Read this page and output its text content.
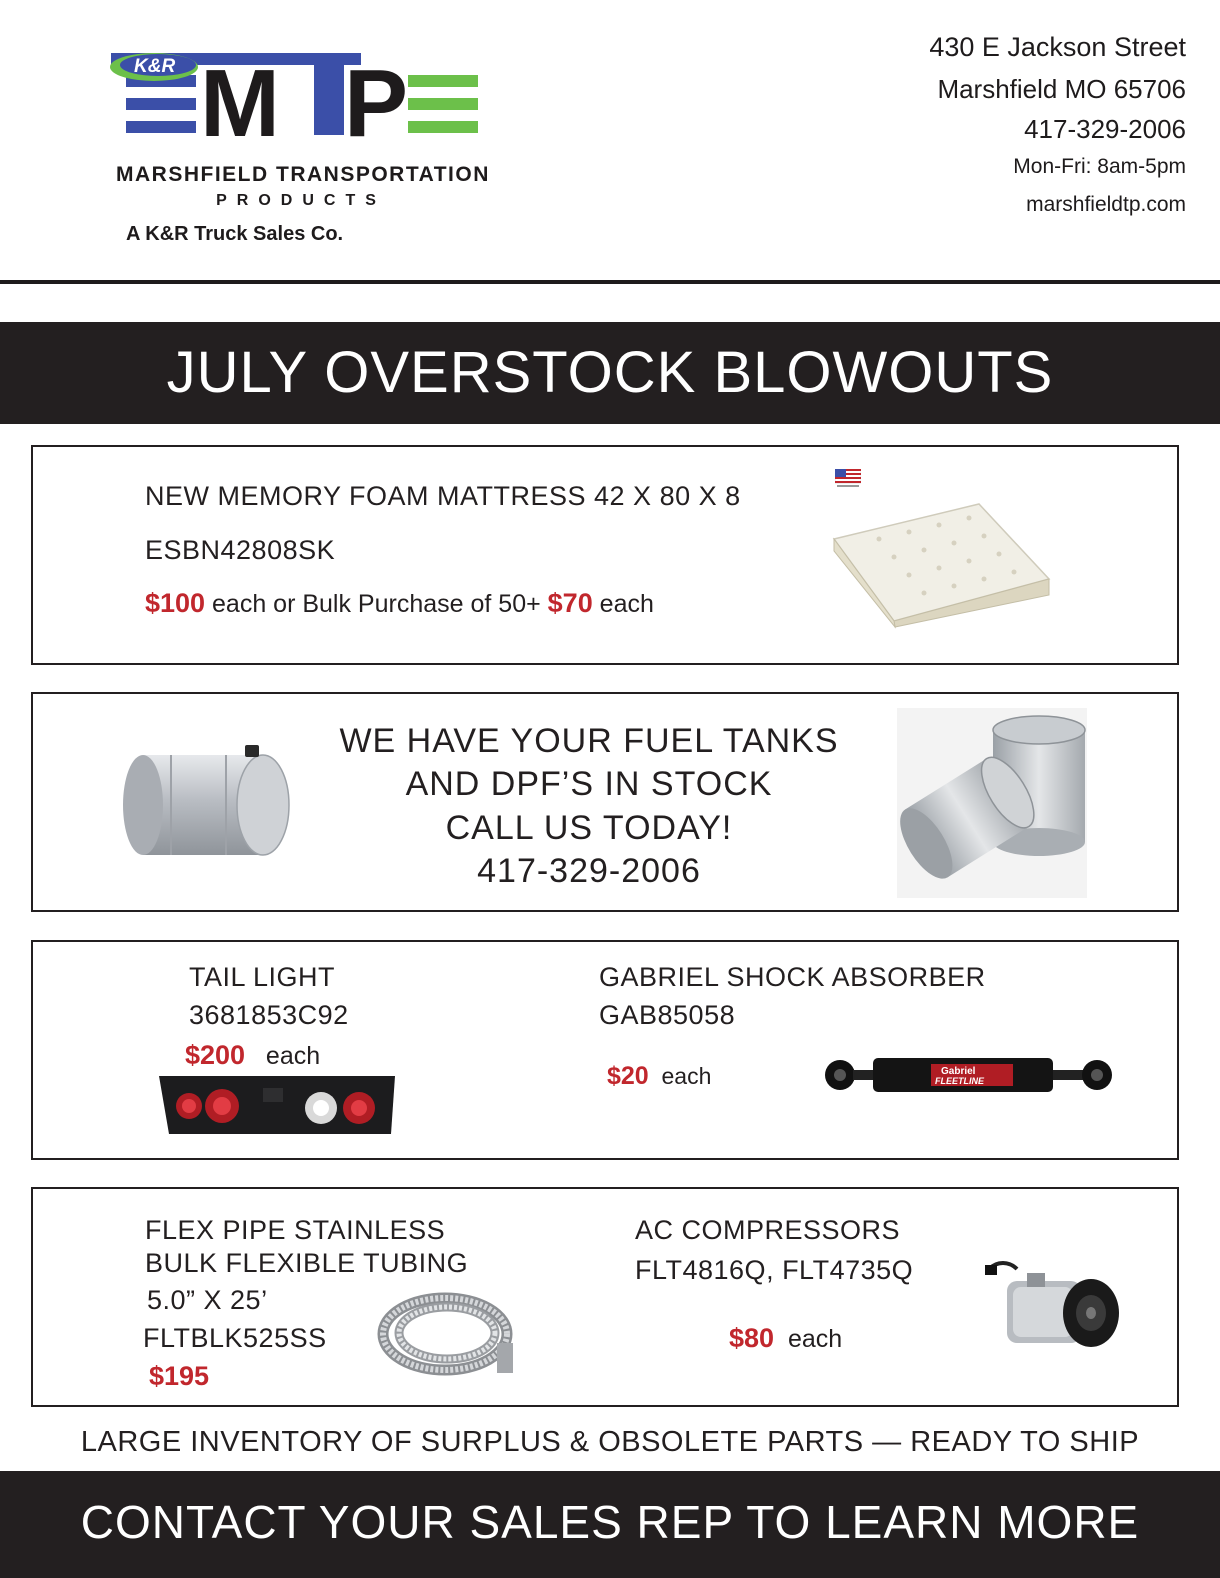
M P
MARSHFIELD TRANSPORTATION
PRODUCTS
A K&R Truck Sales Co.
K&R
430 E Jackson Street
Marshfield MO 65706
417-329-2006
Mon-Fri: 8am-5pm
marshfieldtp.com
JULY OVERSTOCK BLOWOUTS
NEW MEMORY FOAM MATTRESS 42 X 80 X 8
ESBN42808SK
$100 each or Bulk Purchase of 50+ $70 each
WE HAVE YOUR FUEL TANKS
AND DPF’S IN STOCK
CALL US TODAY!
417-329-2006
TAIL LIGHT
3681853C92
$200 each
GABRIEL SHOCK ABSORBER
GAB85058
$20 each	Gabriel
FLEETLINE
FLEX PIPE STAINLESS
BULK FLEXIBLE TUBING
5.0” X 25’
FLTBLK525SS
$195
AC COMPRESSORS
FLT4816Q, FLT4735Q
$80 each
LARGE INVENTORY OF SURPLUS & OBSOLETE PARTS — READY TO SHIP
CONTACT YOUR SALES REP TO LEARN MORE
